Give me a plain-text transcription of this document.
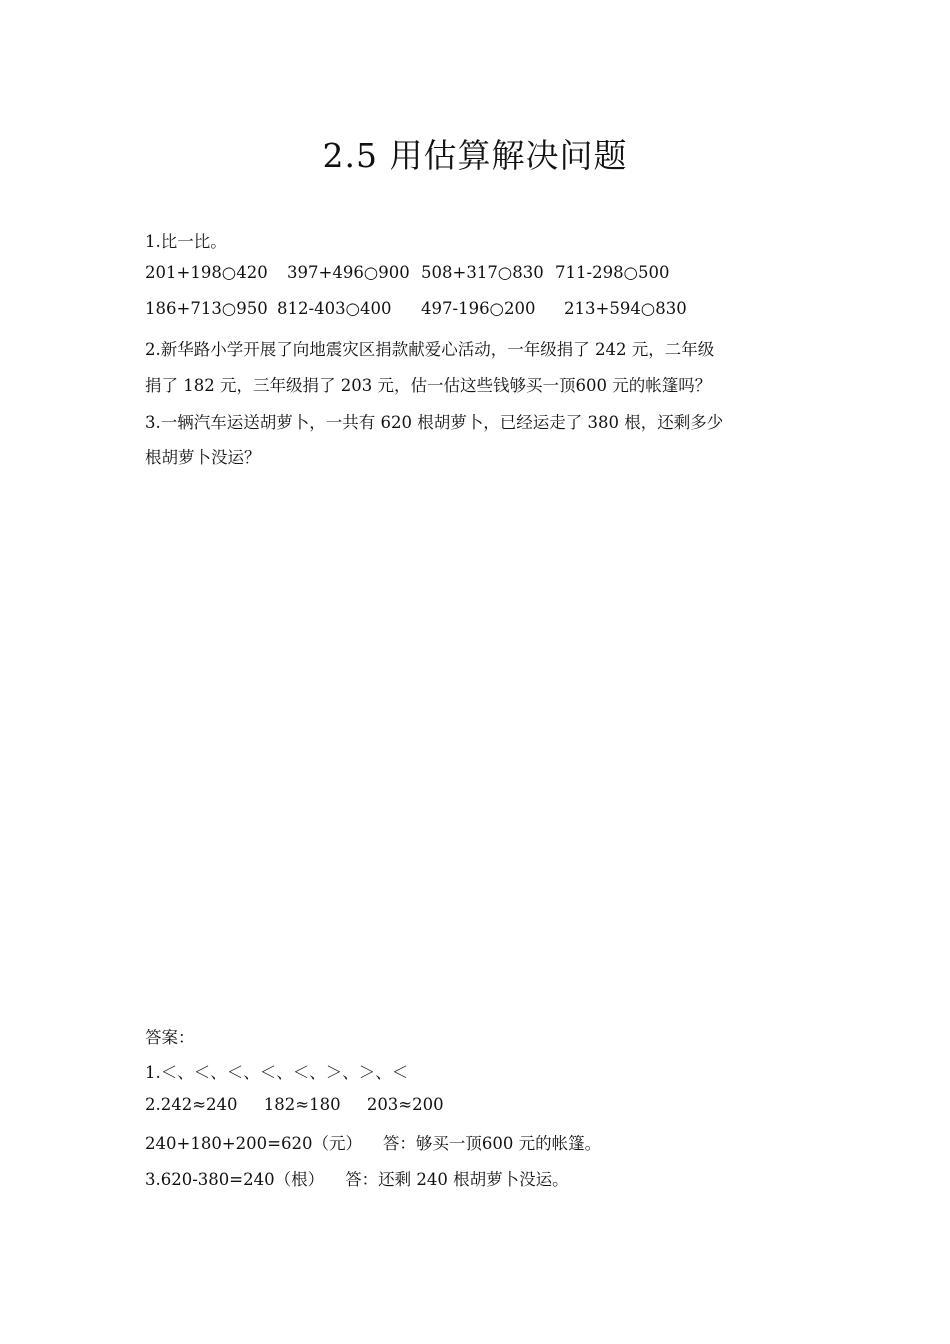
2.5 用估算解决问题
1.比一比。
201+198○420	397+496○900 508+317○830 711-298○500
186+713○950 812-403○400	497-196○200	213+594○830
2.新华路小学开展了向地震灾区捐款献爱心活动，一年级捐了 242 元，二年级
捐了 182 元，三年级捐了 203 元，估一估这些钱够买一顶600 元的帐篷吗？
3.一辆汽车运送胡萝卜，一共有 620 根胡萝卜，已经运走了 380 根，还剩多少
根胡萝卜没运？
答案：
1.＜、＜、＜、＜、＜、＞、＞、＜
2.242≈240     182≈180     203≈200
240+180+200=620（元）    答：够买一顶600 元的帐篷。
3.620-380=240（根）    答：还剩 240 根胡萝卜没运。
